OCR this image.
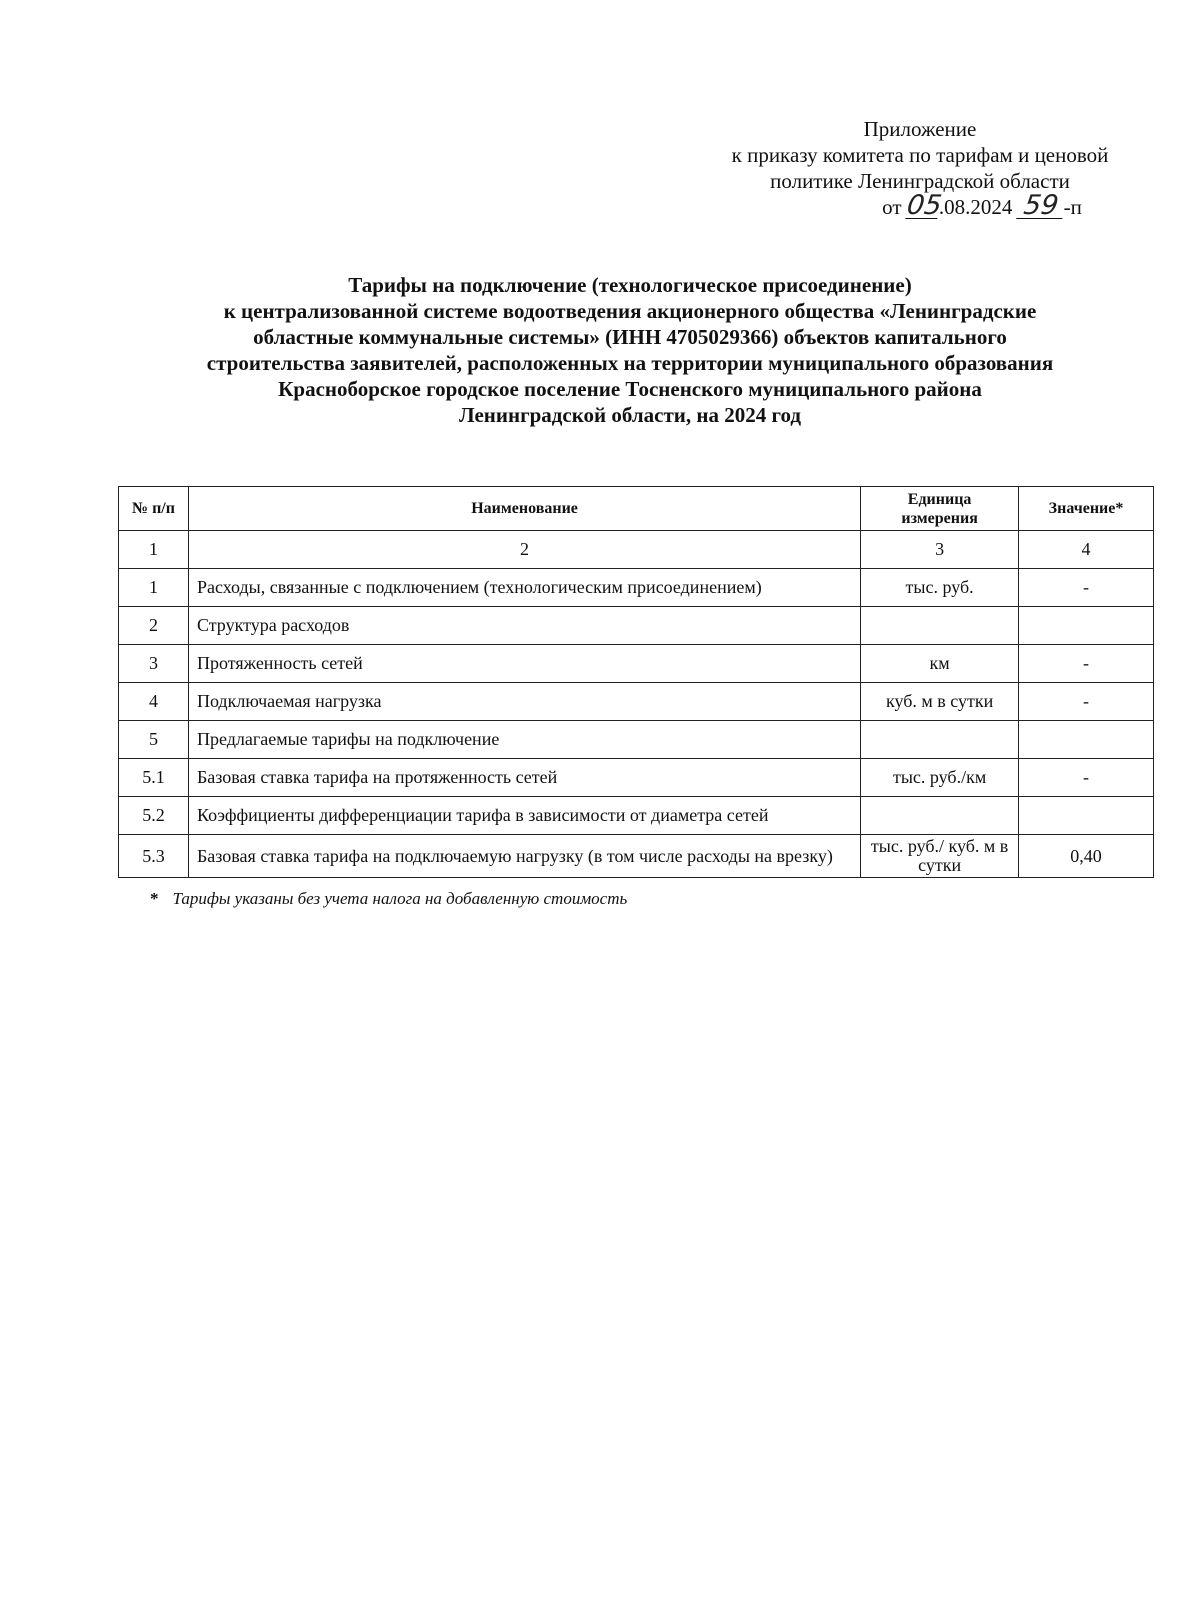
Приложение
к приказу комитета по тарифам и ценовой
политике Ленинградской области
от 05.08.2024 59 -п
Тарифы на подключение (технологическое присоединение)
к централизованной системе водоотведения акционерного общества «Ленинградские
областные коммунальные системы» (ИНН 4705029366) объектов капитального
строительства заявителей, расположенных на территории муниципального образования
Красноборское городское поселение Тосненского муниципального района
Ленинградской области, на 2024 год
№ п/п	Наименование	Единица измерения	Значение*
1	2	3	4
1	Расходы, связанные с подключением (технологическим присоединением)	тыс. руб.	-
2	Структура расходов		
3	Протяженность сетей	км	-
4	Подключаемая нагрузка	куб. м в сутки	-
5	Предлагаемые тарифы на подключение		
5.1	Базовая ставка тарифа на протяженность сетей	тыс. руб./км	-
5.2	Коэффициенты дифференциации тарифа в зависимости от диаметра сетей		
5.3	Базовая ставка тарифа на подключаемую нагрузку (в том числе расходы на врезку)	тыс. руб./ куб. м в сутки	0,40
* Тарифы указаны без учета налога на добавленную стоимость
